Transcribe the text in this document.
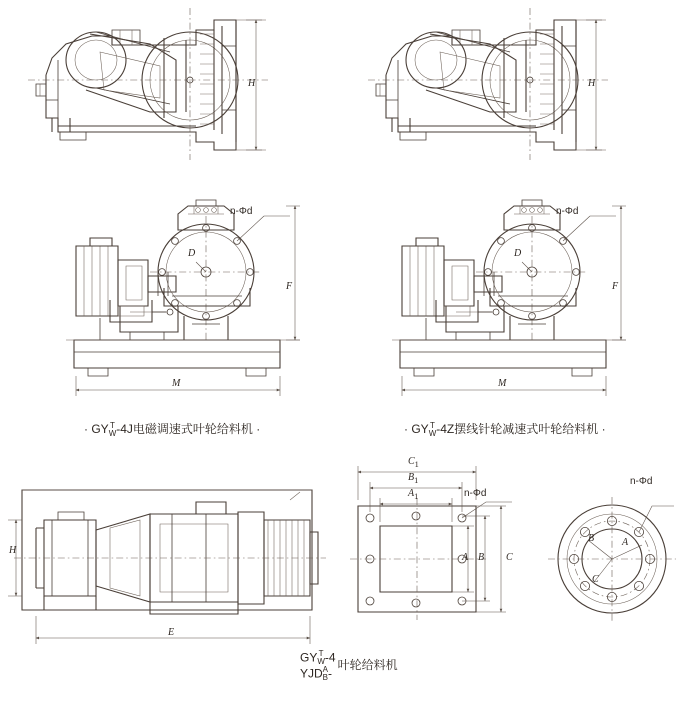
H	H
n-Φd	n-Φd
F	F
M	M
D	D
H
E
$C_1$
$B_1$
$A_1$	n-Φd
A B C
n-Φd
A
B
C
· GY T
W -4J电磁调速式叶轮给料机 ·	· GY T
W -4Z摆线针轮减速式叶轮给料机 ·
GY T
W -4
YJD A
B -
叶轮给料机
